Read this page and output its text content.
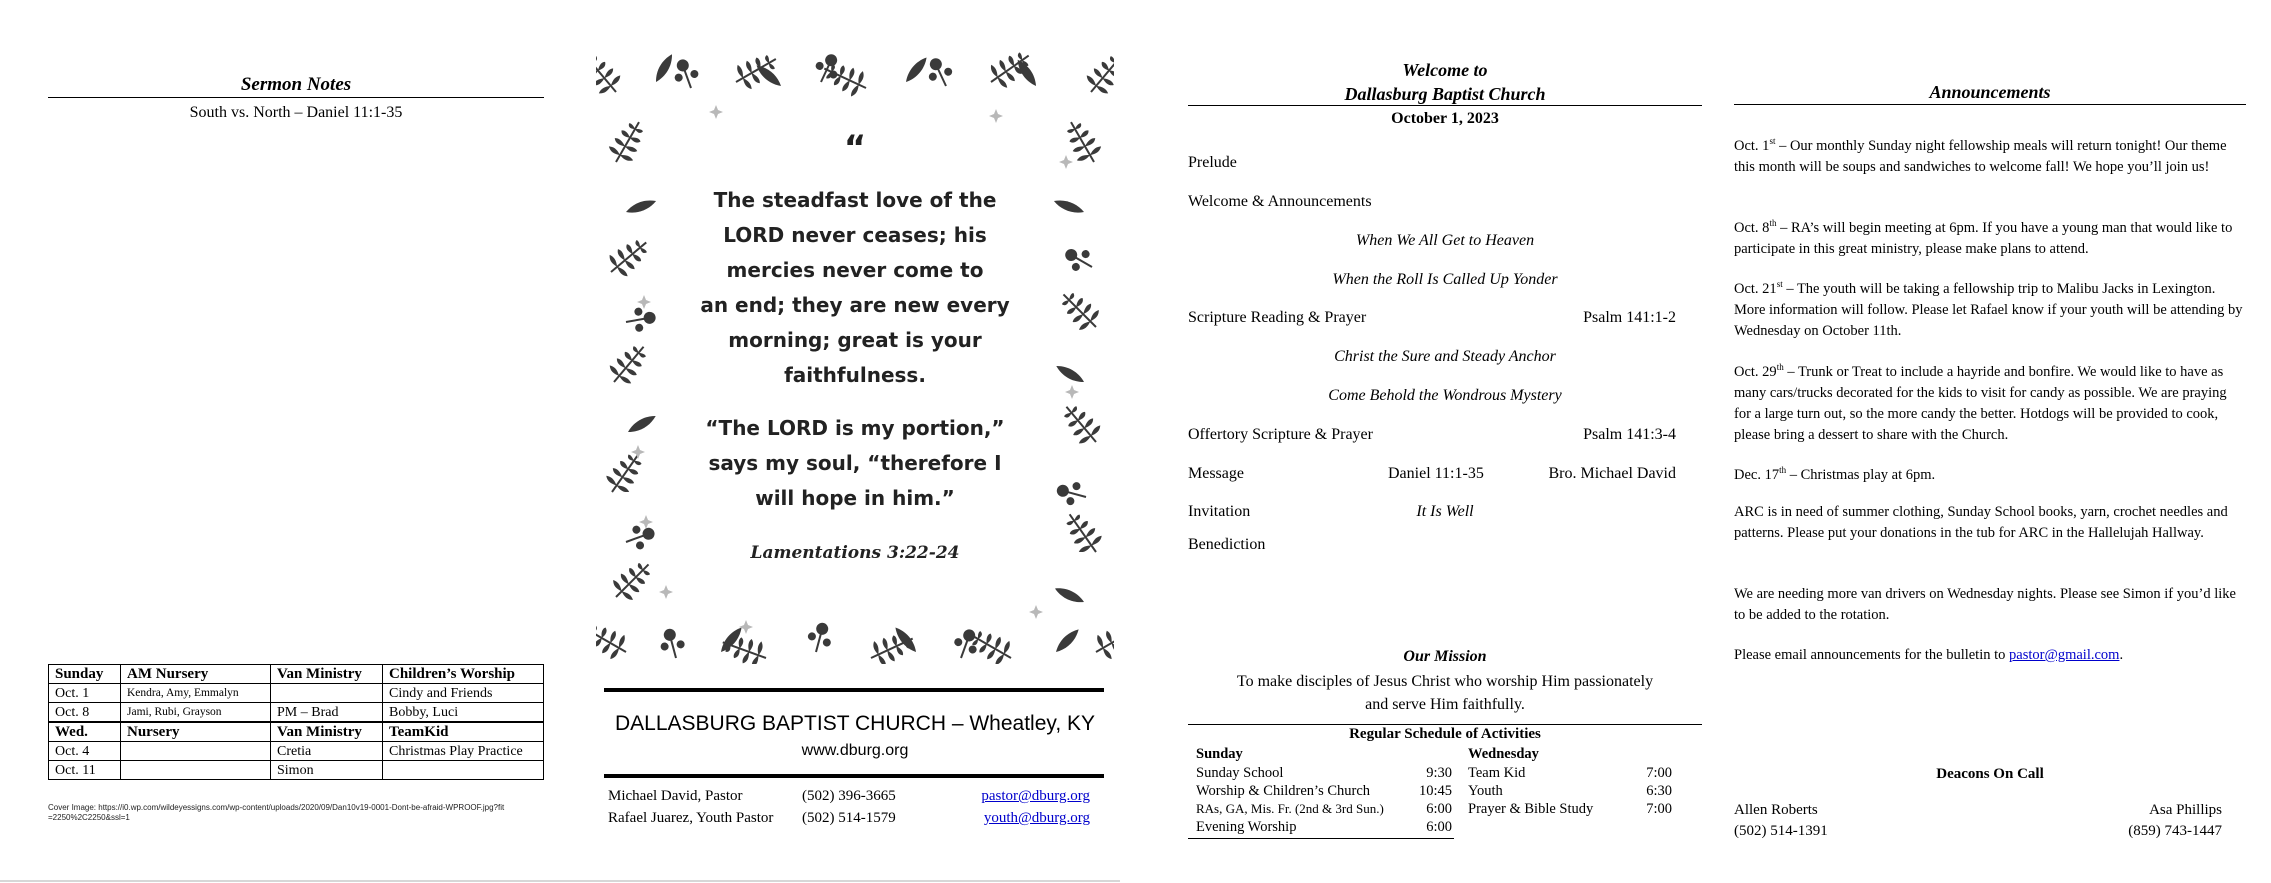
Sermon Notes
South vs. North – Daniel 11:1-35
Sunday	AM Nursery	Van Ministry	Children’s Worship
Oct. 1	Kendra, Amy, Emmalyn		Cindy and Friends
Oct. 8	Jami, Rubi, Grayson	PM – Brad	Bobby, Luci
Wed.	Nursery	Van Ministry	TeamKid
Oct. 4		Cretia	Christmas Play Practice
Oct. 11		Simon	
Cover Image: https://i0.wp.com/wildeyessigns.com/wp-content/uploads/2020/09/Dan10v19-0001-Dont-be-afraid-WPROOF.jpg?fit=2250%2C2250&ssl=1
“
The steadfast love of the
LORD never ceases; his
mercies never come to
an end; they are new every
morning; great is your
faithfulness.
“The LORD is my portion,”
says my soul, “therefore I
will hope in him.”
Lamentations 3:22-24
DALLASBURG BAPTIST CHURCH – Wheatley, KY
www.dburg.org
Michael David, Pastor	(502) 396-3665	pastor@dburg.org
Rafael Juarez, Youth Pastor (502) 514-1579	youth@dburg.org
Welcome to
Dallasburg Baptist Church
October 1, 2023
Prelude
Welcome & Announcements
When We All Get to Heaven
When the Roll Is Called Up Yonder
Scripture Reading & Prayer	Psalm 141:1-2
Christ the Sure and Steady Anchor
Come Behold the Wondrous Mystery
Offertory Scripture & Prayer	Psalm 141:3-4
Message	Daniel 11:1-35	Bro. Michael David
Invitation	It Is Well
Benediction
Our Mission
To make disciples of Jesus Christ who worship Him passionately
and serve Him faithfully.
Regular Schedule of Activities
Sunday	Wednesday
Sunday School	9:30
Worship & Children’s Church	10:45
RAs, GA, Mis. Fr. (2nd & 3rd Sun.)	6:00
Evening Worship	6:00
Team Kid	7:00
Youth	6:30
Prayer & Bible Study	7:00
Announcements
Oct. 1st – Our monthly Sunday night fellowship meals will return tonight! Our theme this month will be soups and sandwiches to welcome fall! We hope you’ll join us!
Oct. 8th – RA’s will begin meeting at 6pm. If you have a young man that would like to participate in this great ministry, please make plans to attend.
Oct. 21st – The youth will be taking a fellowship trip to Malibu Jacks in Lexington. More information will follow. Please let Rafael know if your youth will be attending by Wednesday on October 11th.
Oct. 29th – Trunk or Treat to include a hayride and bonfire. We would like to have as many cars/trucks decorated for the kids to visit for candy as possible. We are praying for a large turn out, so the more candy the better. Hotdogs will be provided to cook, please bring a dessert to share with the Church.
Dec. 17th – Christmas play at 6pm.
ARC is in need of summer clothing, Sunday School books, yarn, crochet needles and patterns. Please put your donations in the tub for ARC in the Hallelujah Hallway.
We are needing more van drivers on Wednesday nights. Please see Simon if you’d like to be added to the rotation.
Please email announcements for the bulletin to pastor@gmail.com.
Deacons On Call
Allen Roberts
(502) 514-1391
Asa Phillips
(859) 743-1447
